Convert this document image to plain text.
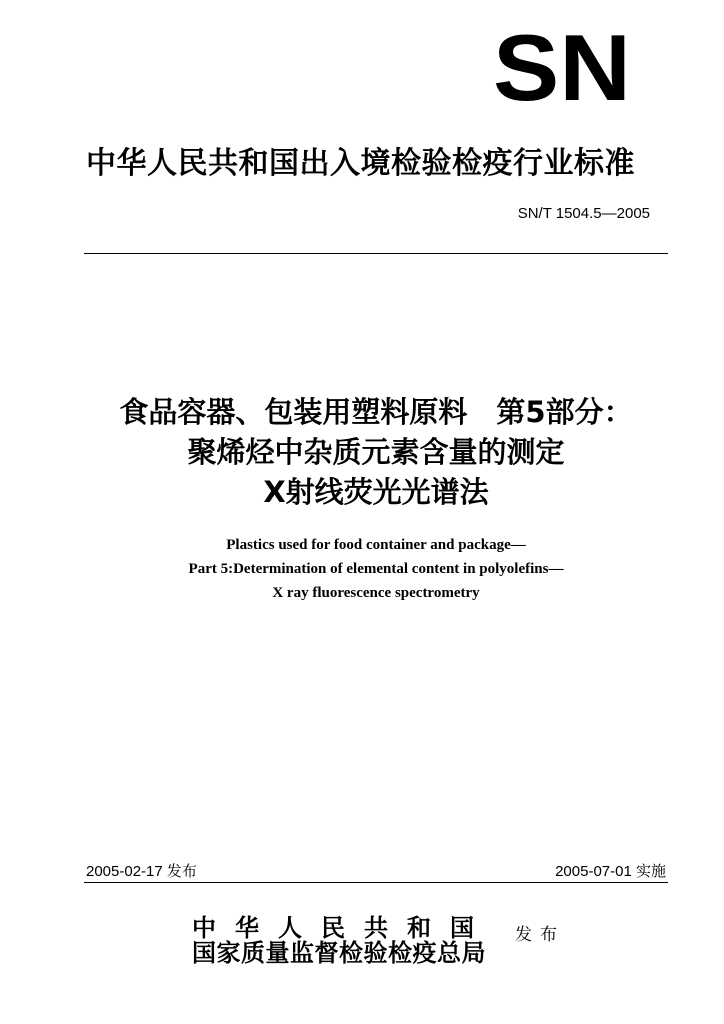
SN
中华人民共和国出入境检验检疫行业标准
SN/T 1504.5—2005
食品容器、包装用塑料原料　第5部分：
聚烯烃中杂质元素含量的测定
X射线荧光光谱法
Plastics used for food container and package—
Part 5:Determination of elemental content in polyolefins—
X ray fluorescence spectrometry
2005-02-17 发布	2005-07-01 实施
中华人民共和国
国家质量监督检验检疫总局
发布
